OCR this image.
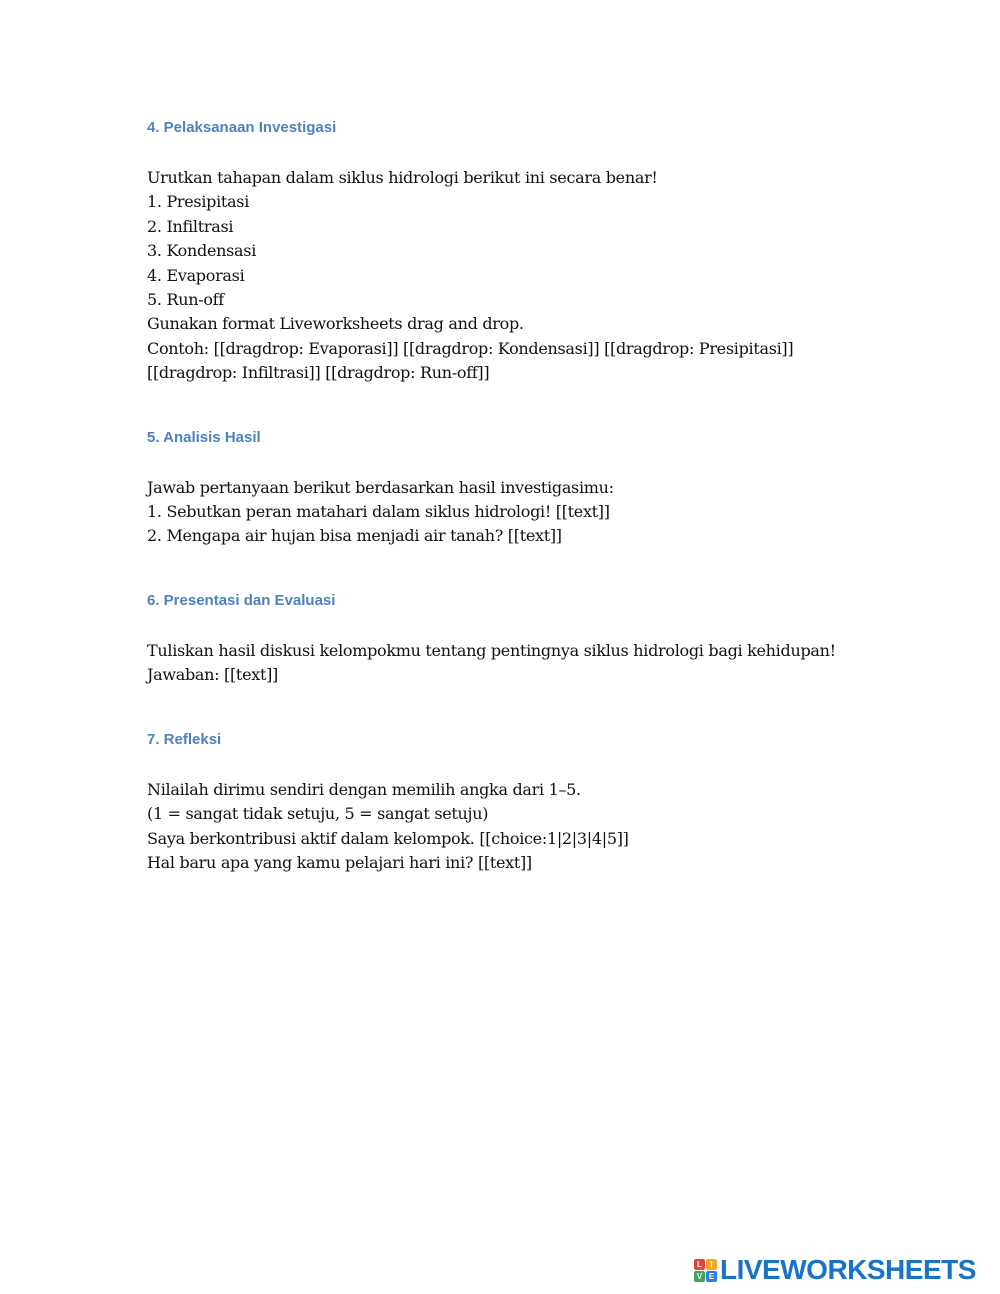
4. Pelaksanaan Investigasi

Urutkan tahapan dalam siklus hidrologi berikut ini secara benar!

1. Presipitasi

2. Infiltrasi

3. Kondensasi

4. Evaporasi

5. Run-off

Gunakan format Liveworksheets drag and drop.

Contoh: [[dragdrop: Evaporasi]] [[dragdrop: Kondensasi]] [[dragdrop: Presipitasi]]

[[dragdrop: Infiltrasi]] [[dragdrop: Run-off]]

5. Analisis Hasil

Jawab pertanyaan berikut berdasarkan hasil investigasimu:

1. Sebutkan peran matahari dalam siklus hidrologi! [[text]]

2. Mengapa air hujan bisa menjadi air tanah? [[text]]

6. Presentasi dan Evaluasi

Tuliskan hasil diskusi kelompokmu tentang pentingnya siklus hidrologi bagi kehidupan!

Jawaban: [[text]]

7. Refleksi

Nilailah dirimu sendiri dengan memilih angka dari 1–5.

(1 = sangat tidak setuju, 5 = sangat setuju)

Saya berkontribusi aktif dalam kelompok. [[choice:1|2|3|4|5]]

Hal baru apa yang kamu pelajari hari ini? [[text]]

L	I
V E LIVEWORKSHEETS
